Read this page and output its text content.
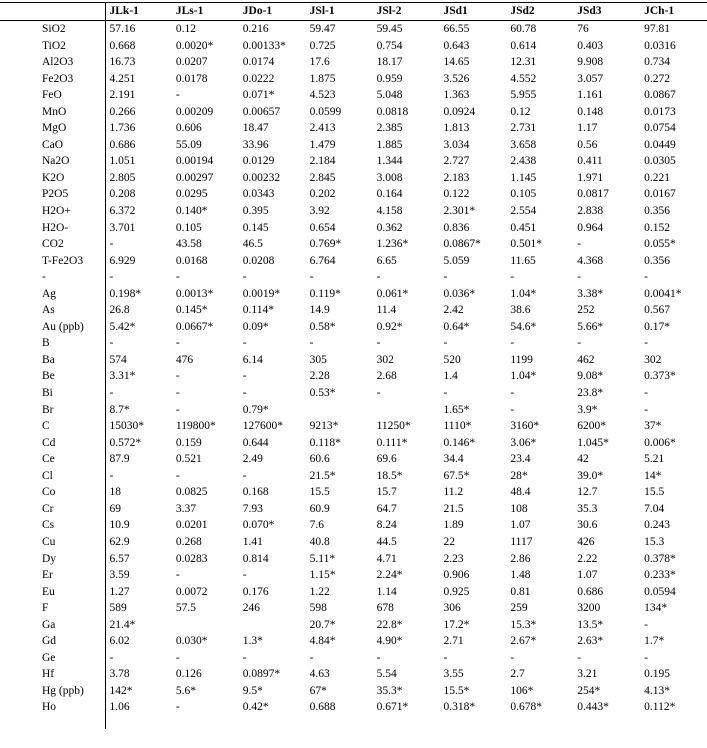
	JLk-1	JLs-1	JDo-1	JSl-1	JSl-2	JSd1	JSd2	JSd3	JCh-1
SiO2	57.16	0.12	0.216	59.47	59.45	66.55	60.78	76	97.81
TiO2	0.668	0.0020*	0.00133*	0.725	0.754	0.643	0.614	0.403	0.0316
Al2O3	16.73	0.0207	0.0174	17.6	18.17	14.65	12.31	9.908	0.734
Fe2O3	4.251	0.0178	0.0222	1.875	0.959	3.526	4.552	3.057	0.272
FeO	2.191	-	0.071*	4.523	5.048	1.363	5.955	1.161	0.0867
MnO	0.266	0.00209	0.00657	0.0599	0.0818	0.0924	0.12	0.148	0.0173
MgO	1.736	0.606	18.47	2.413	2.385	1.813	2.731	1.17	0.0754
CaO	0.686	55.09	33.96	1.479	1.885	3.034	3.658	0.56	0.0449
Na2O	1.051	0.00194	0.0129	2.184	1.344	2.727	2.438	0.411	0.0305
K2O	2.805	0.00297	0.00232	2.845	3.008	2.183	1.145	1.971	0.221
P2O5	0.208	0.0295	0.0343	0.202	0.164	0.122	0.105	0.0817	0.0167
H2O+	6.372	0.140*	0.395	3.92	4.158	2.301*	2.554	2.838	0.356
H2O-	3.701	0.105	0.145	0.654	0.362	0.836	0.451	0.964	0.152
CO2	-	43.58	46.5	0.769*	1.236*	0.0867*	0.501*	-	0.055*
T-Fe2O3	6.929	0.0168	0.0208	6.764	6.65	5.059	11.65	4.368	0.356
-	-	-	-	-	-	-	-	-	-
Ag	0.198*	0.0013*	0.0019*	0.119*	0.061*	0.036*	1.04*	3.38*	0.0041*
As	26.8	0.145*	0.114*	14.9	11.4	2.42	38.6	252	0.567
Au (ppb)	5.42*	0.0667*	0.09*	0.58*	0.92*	0.64*	54.6*	5.66*	0.17*
B	-	-	-	-	-	-	-	-	-
Ba	574	476	6.14	305	302	520	1199	462	302
Be	3.31*	-	-	2.28	2.68	1.4	1.04*	9.08*	0.373*
Bi	-	-	-	0.53*	-	-	-	23.8*	-
Br	8.7*	-	0.79*			1.65*	-	3.9*	-
C	15030*	119800*	127600*	9213*	11250*	1110*	3160*	6200*	37*
Cd	0.572*	0.159	0.644	0.118*	0.111*	0.146*	3.06*	1.045*	0.006*
Ce	87.9	0.521	2.49	60.6	69.6	34.4	23.4	42	5.21
Cl	-	-	-	21.5*	18.5*	67.5*	28*	39.0*	14*
Co	18	0.0825	0.168	15.5	15.7	11.2	48.4	12.7	15.5
Cr	69	3.37	7.93	60.9	64.7	21.5	108	35.3	7.04
Cs	10.9	0.0201	0.070*	7.6	8.24	1.89	1.07	30.6	0.243
Cu	62.9	0.268	1.41	40.8	44.5	22	1117	426	15.3
Dy	6.57	0.0283	0.814	5.11*	4.71	2.23	2.86	2.22	0.378*
Er	3.59	-	-	1.15*	2.24*	0.906	1.48	1.07	0.233*
Eu	1.27	0.0072	0.176	1.22	1.14	0.925	0.81	0.686	0.0594
F	589	57.5	246	598	678	306	259	3200	134*
Ga	21.4*			20.7*	22.8*	17.2*	15.3*	13.5*	-
Gd	6.02	0.030*	1.3*	4.84*	4.90*	2.71	2.67*	2.63*	1.7*
Ge	-	-	-	-	-	-	-	-	-
Hf	3.78	0.126	0.0897*	4.63	5.54	3.55	2.7	3.21	0.195
Hg (ppb)	142*	5.6*	9.5*	67*	35.3*	15.5*	106*	254*	4.13*
Ho	1.06	-	0.42*	0.688	0.671*	0.318*	0.678*	0.443*	0.112*
